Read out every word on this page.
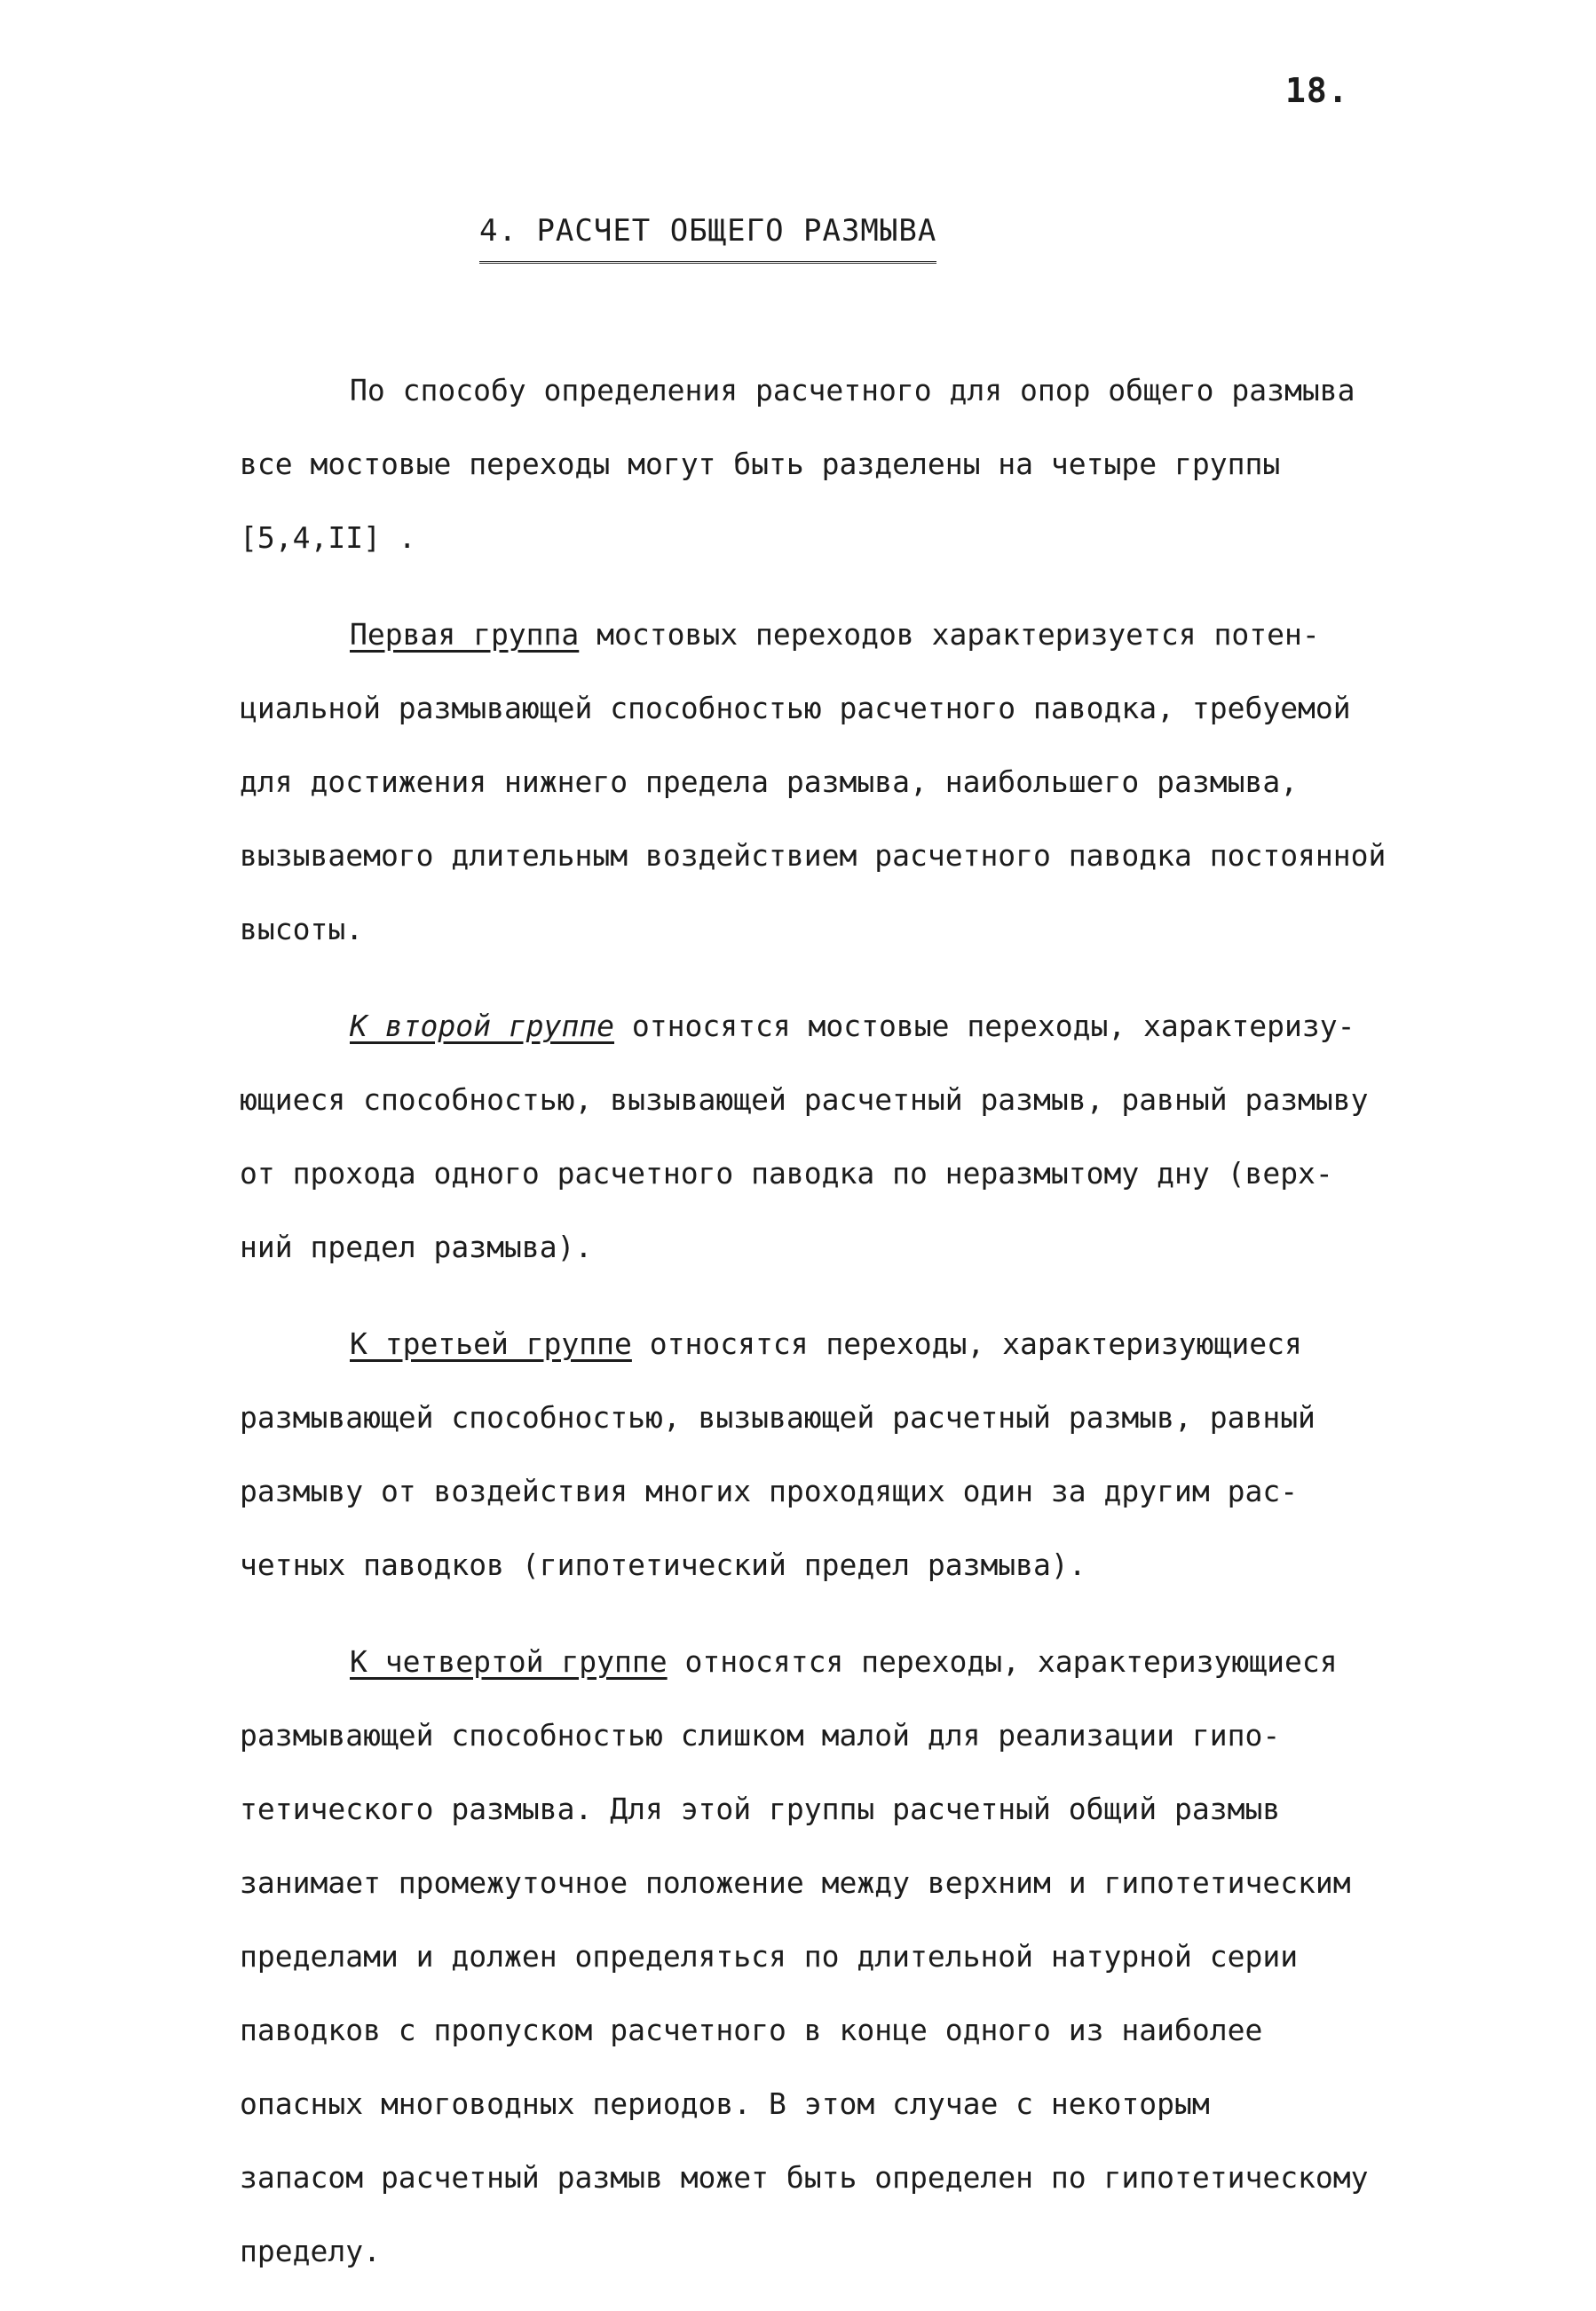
18.
4. РАСЧЕТ ОБЩЕГО РАЗМЫВА
По способу определения расчетного для опор общего размыва
все мостовые переходы могут быть разделены на четыре группы
[5,4,II] .
Первая группа мостовых переходов характеризуется потен-
циальной размывающей способностью расчетного паводка, требуемой
для достижения нижнего предела размыва, наибольшего размыва,
вызываемого длительным воздействием расчетного паводка постоянной
высоты.
К второй группе относятся мостовые переходы, характеризу-
ющиеся способностью, вызывающей расчетный размыв, равный размыву
от прохода одного расчетного паводка по неразмытому дну (верх-
ний предел размыва).
К третьей группе относятся переходы, характеризующиеся
размывающей способностью, вызывающей расчетный размыв, равный
размыву от воздействия многих проходящих один за другим рас-
четных паводков (гипотетический предел размыва).
К четвертой группе относятся переходы, характеризующиеся
размывающей способностью слишком малой для реализации гипо-
тетического размыва. Для этой группы расчетный общий размыв
занимает промежуточное положение между верхним и гипотетическим
пределами и должен определяться по длительной натурной серии
паводков с пропуском расчетного в конце одного из наиболее
опасных многоводных периодов. В этом случае с некоторым
запасом расчетный размыв может быть определен по гипотетическому
пределу.
